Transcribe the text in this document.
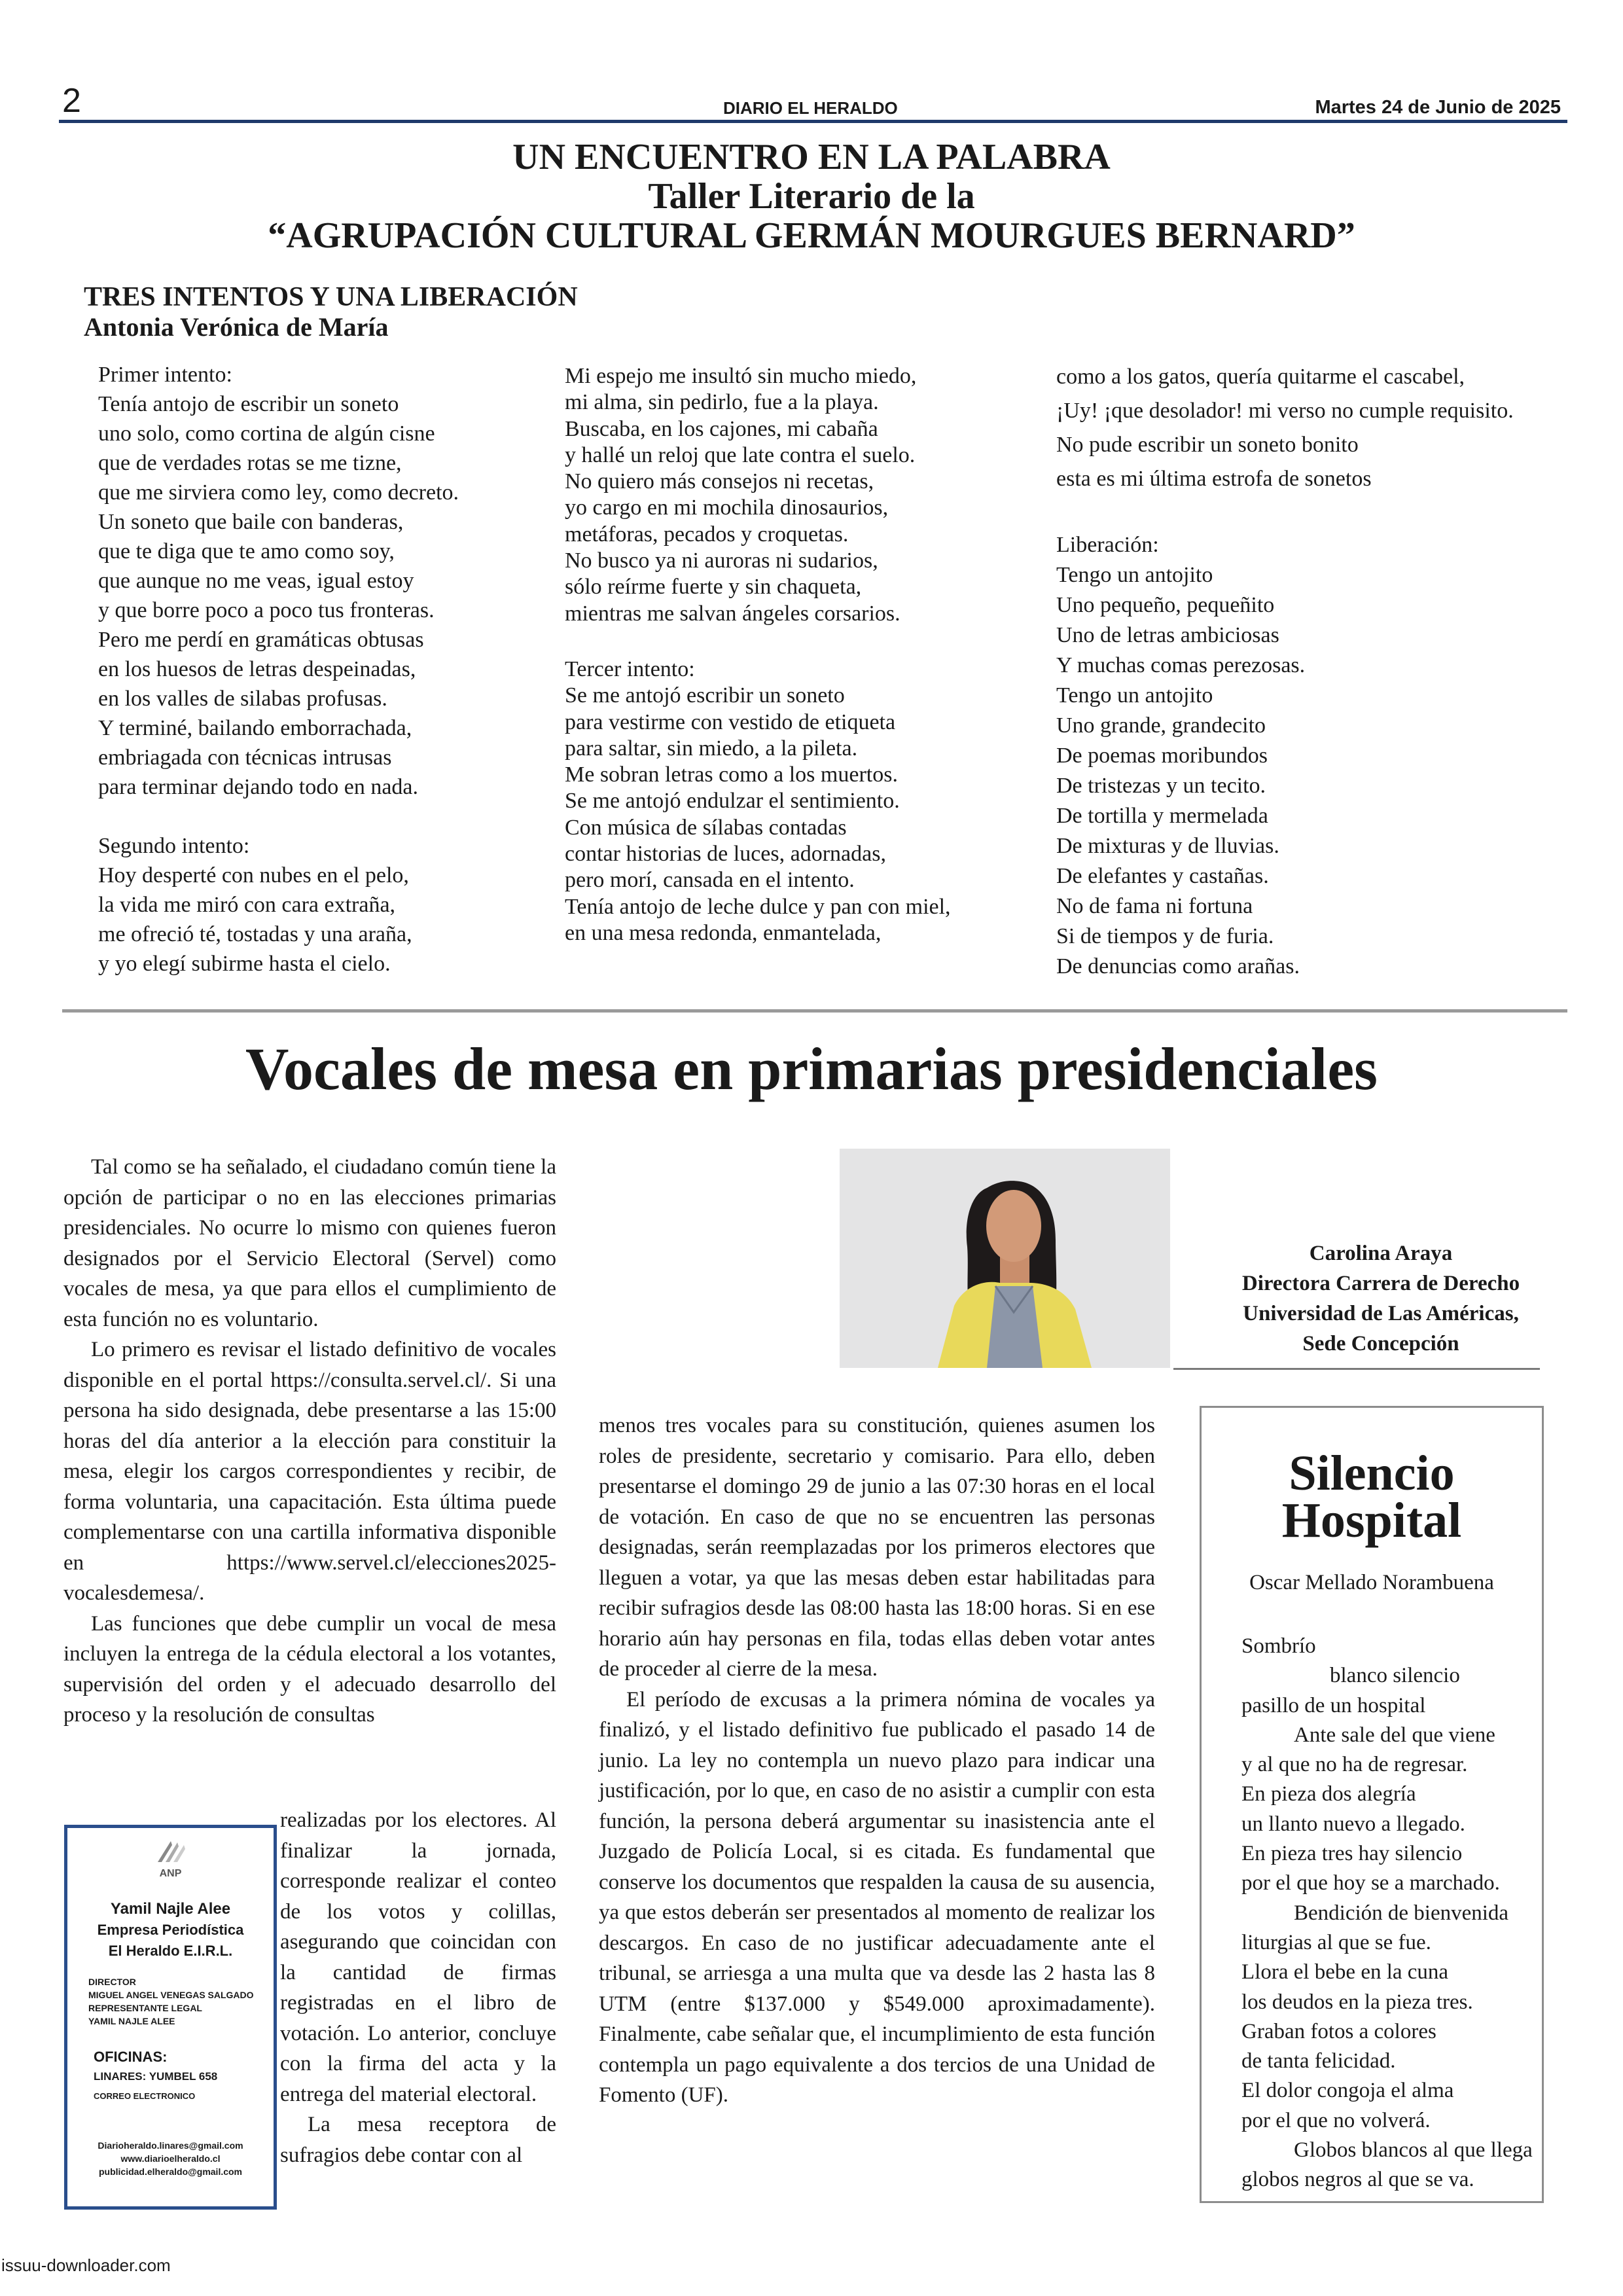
2	DIARIO EL HERALDO	Martes 24 de Junio de 2025
UN ENCUENTRO EN LA PALABRA
Taller Literario de la
“AGRUPACIÓN CULTURAL GERMÁN MOURGUES BERNARD”
TRES INTENTOS Y UNA LIBERACIÓN
Antonia Verónica de María

Primer intento:

Tenía antojo de escribir un soneto

uno solo, como cortina de algún cisne

que de verdades rotas se me tizne,

que me sirviera como ley, como decreto.

Un soneto que baile con banderas,

que te diga que te amo como soy,

que aunque no me veas, igual estoy

y que borre poco a poco tus fronteras.

Pero me perdí en gramáticas obtusas

en los huesos de letras despeinadas,

en los valles de silabas profusas.

Y terminé, bailando emborrachada,

embriagada con técnicas intrusas

para terminar dejando todo en nada.

Segundo intento:

Hoy desperté con nubes en el pelo,

la vida me miró con cara extraña,

me ofreció té, tostadas y una araña,

y yo elegí subirme hasta el cielo.

Mi espejo me insultó sin mucho miedo,

mi alma, sin pedirlo, fue a la playa.

Buscaba, en los cajones, mi cabaña

y hallé un reloj que late contra el suelo.

No quiero más consejos ni recetas,

yo cargo en mi mochila dinosaurios,

metáforas, pecados y croquetas.

No busco ya ni auroras ni sudarios,

sólo reírme fuerte y sin chaqueta,

mientras me salvan ángeles corsarios.

Tercer intento:

Se me antojó escribir un soneto

para vestirme con vestido de etiqueta

para saltar, sin miedo, a la pileta.

Me sobran letras como a los muertos.

Se me antojó endulzar el sentimiento.

Con música de sílabas contadas

contar historias de luces, adornadas,

pero morí, cansada en el intento.

Tenía antojo de leche dulce y pan con miel,

en una mesa redonda, enmantelada,

como a los gatos, quería quitarme el cascabel,

¡Uy! ¡que desolador! mi verso no cumple requisito.

No pude escribir un soneto bonito

esta es mi última estrofa de sonetos

Liberación:

Tengo un antojito

Uno pequeño, pequeñito

Uno de letras ambiciosas

Y muchas comas perezosas.

Tengo un antojito

Uno grande, grandecito

De poemas moribundos

De tristezas y un tecito.

De tortilla y mermelada

De mixturas y de lluvias.

De elefantes y castañas.

No de fama ni fortuna

Si de tiempos y de furia.

De denuncias como arañas.

Vocales de mesa en primarias presidenciales

Tal como se ha señalado, el ciudadano común tiene la opción de participar o no en las elecciones primarias presidenciales. No ocurre lo mismo con quienes fueron designados por el Servicio Electoral (Servel) como vocales de mesa, ya que para ellos el cumplimiento de esta función no es voluntario.

Lo primero es revisar el listado definitivo de vocales disponible en el portal https://consulta.servel.cl/. Si una persona ha sido designada, debe presentarse a las 15:00 horas del día anterior a la elección para constituir la mesa, elegir los cargos correspondientes y recibir, de forma voluntaria, una capacitación. Esta última puede complementarse con una cartilla informativa disponible en https://www.servel.cl/elecciones2025-vocalesdemesa/.

Las funciones que debe cumplir un vocal de mesa incluyen la entrega de la cédula electoral a los votantes, supervisión del orden y el adecuado desarrollo del proceso y la resolución de consultas

realizadas por los electores. Al finalizar la jornada, corresponde realizar el conteo de los votos y colillas, asegurando que coincidan con la cantidad de firmas registradas en el libro de votación. Lo anterior, concluye con la firma del acta y la entrega del material electoral.

La mesa receptora de sufragios debe contar con al

menos tres vocales para su constitución, quienes asumen los roles de presidente, secretario y comisario. Para ello, deben presentarse el domingo 29 de junio a las 07:30 horas en el local de votación. En caso de que no se encuentren las personas designadas, serán reemplazadas por los primeros electores que lleguen a votar, ya que las mesas deben estar habilitadas para recibir sufragios desde las 08:00 hasta las 18:00 horas. Si en ese horario aún hay personas en fila, todas ellas deben votar antes de proceder al cierre de la mesa.

El período de excusas a la primera nómina de vocales ya finalizó, y el listado definitivo fue publicado el pasado 14 de junio. La ley no contempla un nuevo plazo para indicar una justificación, por lo que, en caso de no asistir a cumplir con esta función, la persona deberá argumentar su inasistencia ante el Juzgado de Policía Local, si es citada. Es fundamental que conserve los documentos que respalden la causa de su ausencia, ya que estos deberán ser presentados al momento de realizar los descargos. En caso de no justificar adecuadamente ante el tribunal, se arriesga a una multa que va desde las 2 hasta las 8 UTM (entre $137.000 y $549.000 aproximadamente). Finalmente, cabe señalar que, el incumplimiento de esta función contempla un pago equivalente a dos tercios de una Unidad de Fomento (UF).

Carolina Araya
Directora Carrera de Derecho
Universidad de Las Américas,
Sede Concepción
Silencio
Hospital
Oscar Mellado Norambuena

Sombrío

blanco silencio

pasillo de un hospital

Ante sale del que viene

y al que no ha de regresar.

En pieza dos alegría

un llanto nuevo a llegado.

En pieza tres hay silencio

por el que hoy se a marchado.

Bendición de bienvenida

liturgias al que se fue.

Llora el bebe en la cuna

los deudos en la pieza tres.

Graban fotos a colores

de tanta felicidad.

El dolor congoja el alma

por el que no volverá.

Globos blancos al que llega

globos negros al que se va.

ANP
Yamil Najle Alee
Empresa Periodística
El Heraldo E.I.R.L.
DIRECTOR
MIGUEL ANGEL VENEGAS SALGADO
REPRESENTANTE LEGAL
YAMIL NAJLE ALEE
OFICINAS:
LINARES: YUMBEL 658
CORREO ELECTRONICO
Diarioheraldo.linares@gmail.com
www.diarioelheraldo.cl
publicidad.elheraldo@gmail.com
issuu-downloader.com
